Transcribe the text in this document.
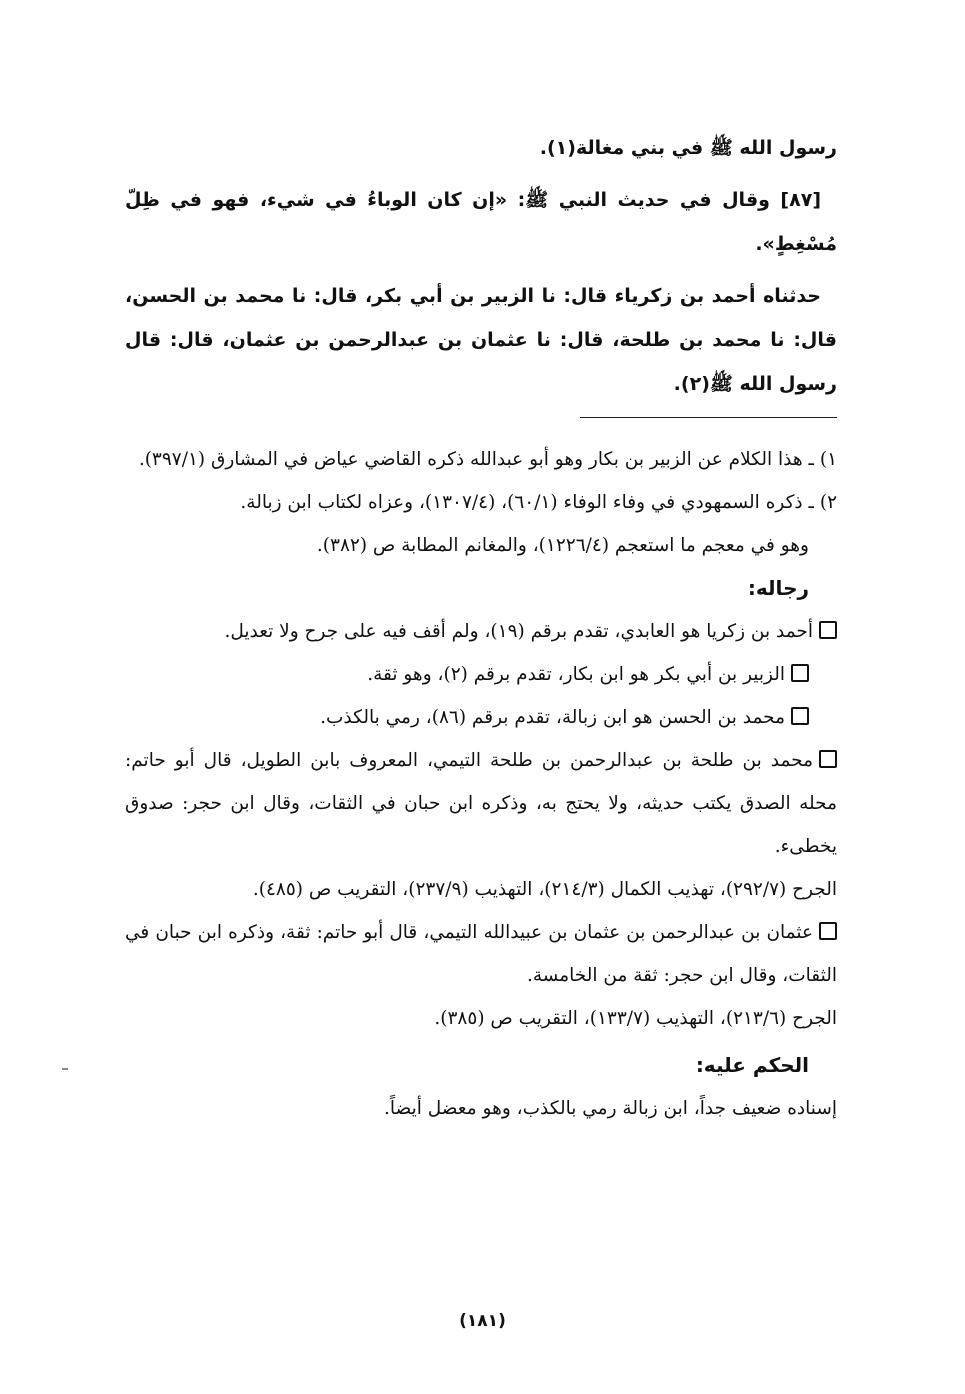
رسول الله ﷺ في بني مغالة(١).

[٨٧] وقال في حديث النبي ﷺ: «إن كان الوباءُ في شيء، فهو في ظِلّ مُسْغِطٍ».

حدثناه أحمد بن زكرياء قال: نا الزبير بن أبي بكر، قال: نا محمد بن الحسن، قال: نا محمد بن طلحة، قال: نا عثمان بن عبدالرحمن بن عثمان، قال: قال رسول الله ﷺ(٢).

١) ـ هذا الكلام عن الزبير بن بكار وهو أبو عبدالله ذكره القاضي عياض في المشارق (٣٩٧/١).

٢) ـ ذكره السمهودي في وفاء الوفاء (٦٠/١)، (١٣٠٧/٤)، وعزاه لكتاب ابن زبالة.

وهو في معجم ما استعجم (١٢٢٦/٤)، والمغانم المطابة ص (٣٨٢).

رجاله:

أحمد بن زكريا هو العابدي، تقدم برقم (١٩)، ولم أقف فيه على جرح ولا تعديل.

الزبير بن أبي بكر هو ابن بكار، تقدم برقم (٢)، وهو ثقة.

محمد بن الحسن هو ابن زبالة، تقدم برقم (٨٦)، رمي بالكذب.

محمد بن طلحة بن عبدالرحمن بن طلحة التيمي، المعروف بابن الطويل، قال أبو حاتم: محله الصدق يكتب حديثه، ولا يحتج به، وذكره ابن حبان في الثقات، وقال ابن حجر: صدوق يخطىء.

الجرح (٢٩٢/٧)، تهذيب الكمال (٢١٤/٣)، التهذيب (٢٣٧/٩)، التقريب ص (٤٨٥).

عثمان بن عبدالرحمن بن عثمان بن عبيدالله التيمي، قال أبو حاتم: ثقة، وذكره ابن حبان في الثقات، وقال ابن حجر: ثقة من الخامسة.

الجرح (٢١٣/٦)، التهذيب (١٣٣/٧)، التقريب ص (٣٨٥).

الحكم عليه:

إسناده ضعيف جداً، ابن زبالة رمي بالكذب، وهو معضل أيضاً.

(١٨١)
